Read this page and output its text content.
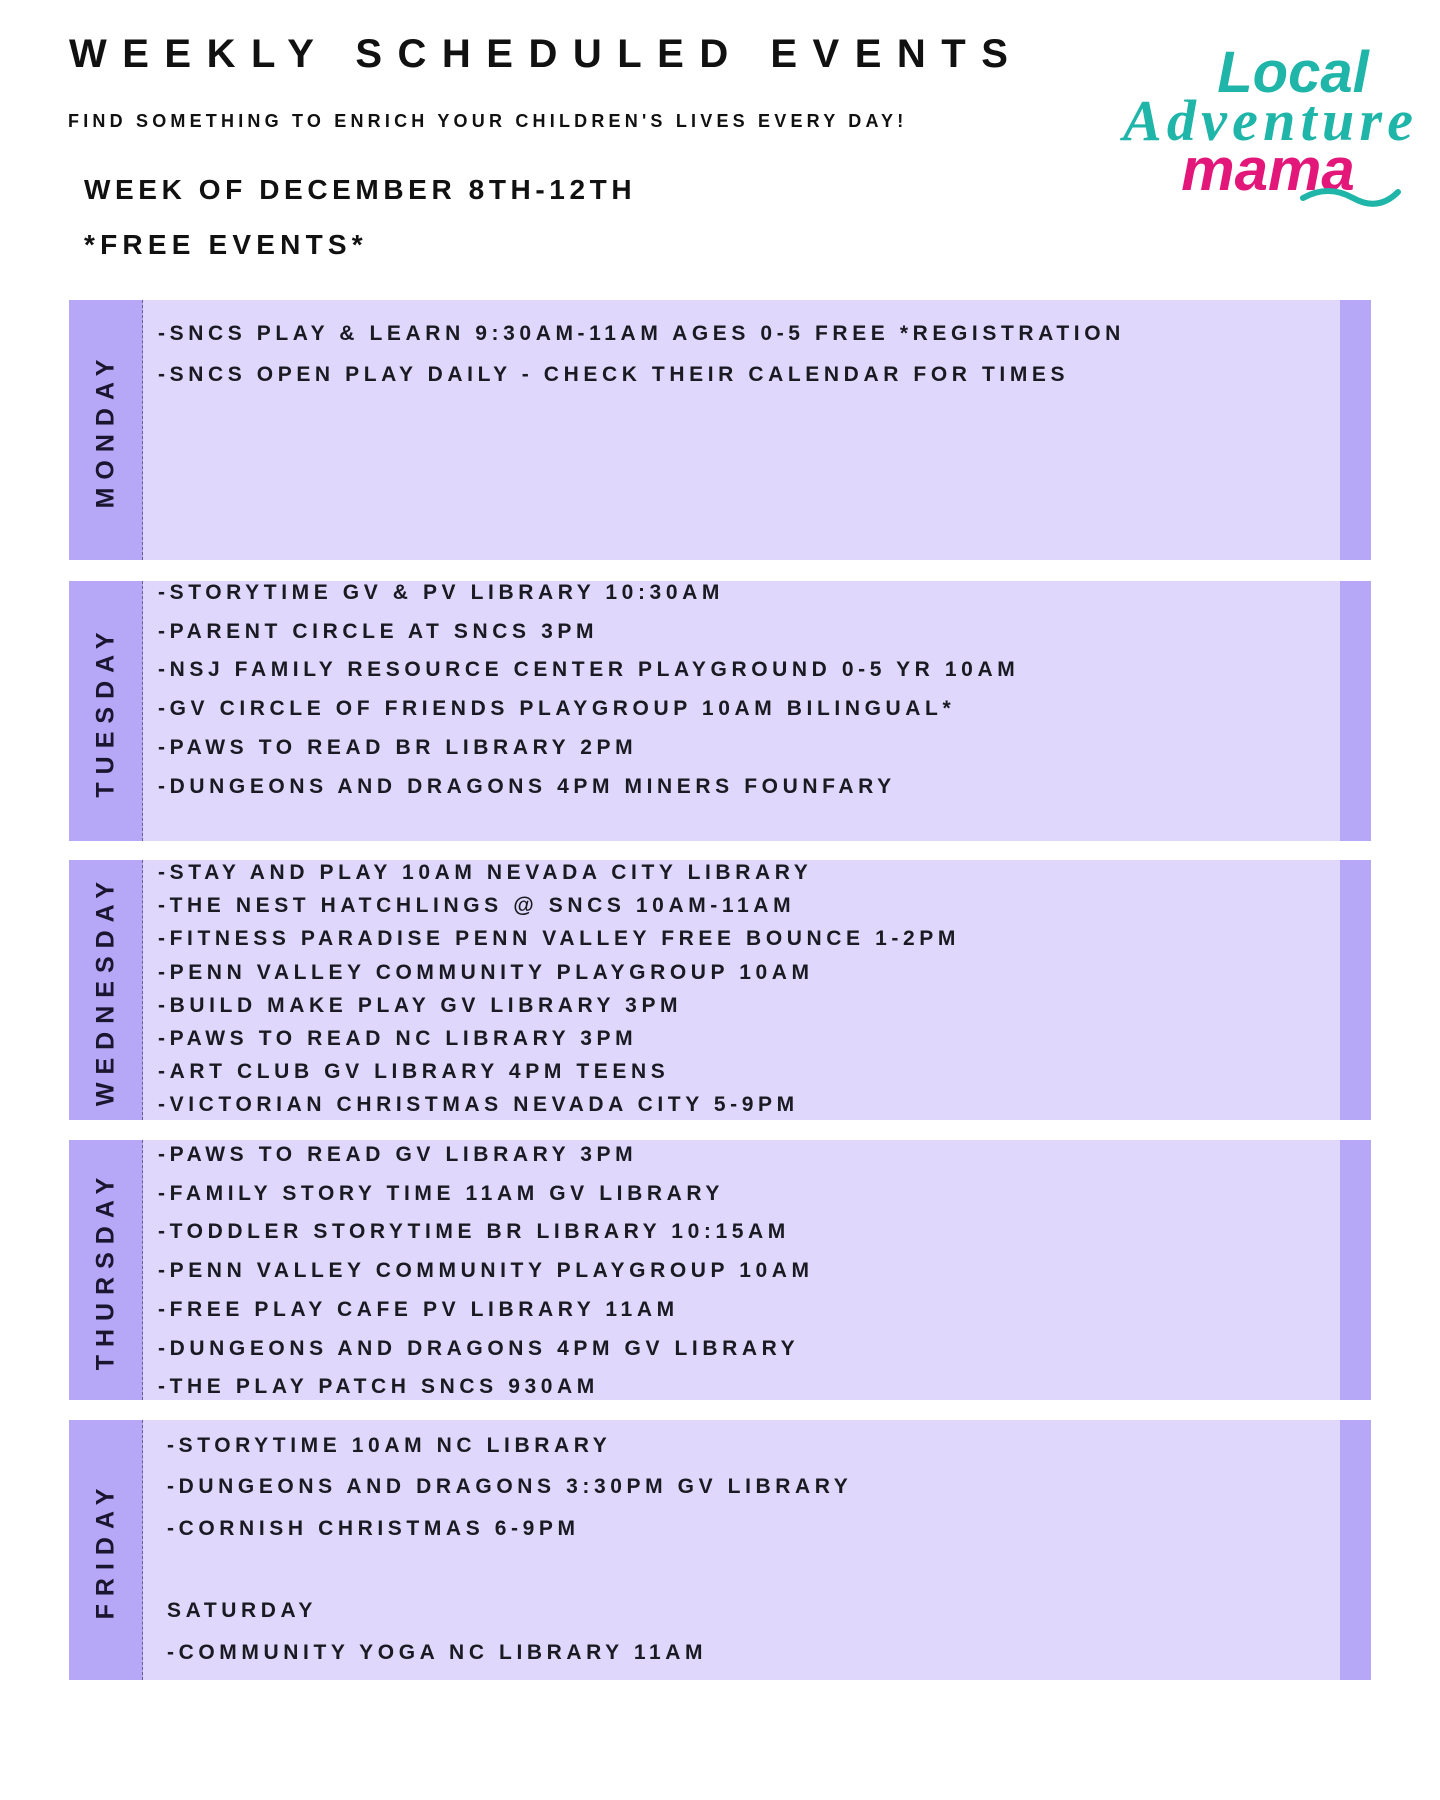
WEEKLY SCHEDULED EVENTS
FIND SOMETHING TO ENRICH YOUR CHILDREN'S LIVES EVERY DAY!
WEEK OF DECEMBER 8TH-12TH
*FREE EVENTS*
Local
Adventure
mama
MONDAY
-SNCS PLAY & LEARN 9:30AM-11AM AGES 0-5 FREE *REGISTRATION
-SNCS OPEN PLAY DAILY - CHECK THEIR CALENDAR FOR TIMES
TUESDAY
-STORYTIME GV & PV LIBRARY 10:30AM
-PARENT CIRCLE AT SNCS 3PM
-NSJ FAMILY RESOURCE CENTER PLAYGROUND 0-5 YR 10AM
-GV CIRCLE OF FRIENDS PLAYGROUP 10AM BILINGUAL*
-PAWS TO READ BR LIBRARY 2PM
-DUNGEONS AND DRAGONS 4PM MINERS FOUNFARY
WEDNESDAY
-STAY AND PLAY 10AM NEVADA CITY LIBRARY
-THE NEST HATCHLINGS @ SNCS 10AM-11AM
-FITNESS PARADISE PENN VALLEY FREE BOUNCE 1-2PM
-PENN VALLEY COMMUNITY PLAYGROUP 10AM
-BUILD MAKE PLAY GV LIBRARY 3PM
-PAWS TO READ NC LIBRARY 3PM
-ART CLUB GV LIBRARY 4PM TEENS
-VICTORIAN CHRISTMAS NEVADA CITY 5-9PM
THURSDAY
-PAWS TO READ GV LIBRARY 3PM
-FAMILY STORY TIME 11AM GV LIBRARY
-TODDLER STORYTIME BR LIBRARY 10:15AM
-PENN VALLEY COMMUNITY PLAYGROUP 10AM
-FREE PLAY CAFE PV LIBRARY 11AM
-DUNGEONS AND DRAGONS 4PM GV LIBRARY
-THE PLAY PATCH SNCS 930AM
FRIDAY
-STORYTIME 10AM NC LIBRARY
-DUNGEONS AND DRAGONS 3:30PM GV LIBRARY
-CORNISH CHRISTMAS 6-9PM
SATURDAY
-COMMUNITY YOGA NC LIBRARY 11AM
